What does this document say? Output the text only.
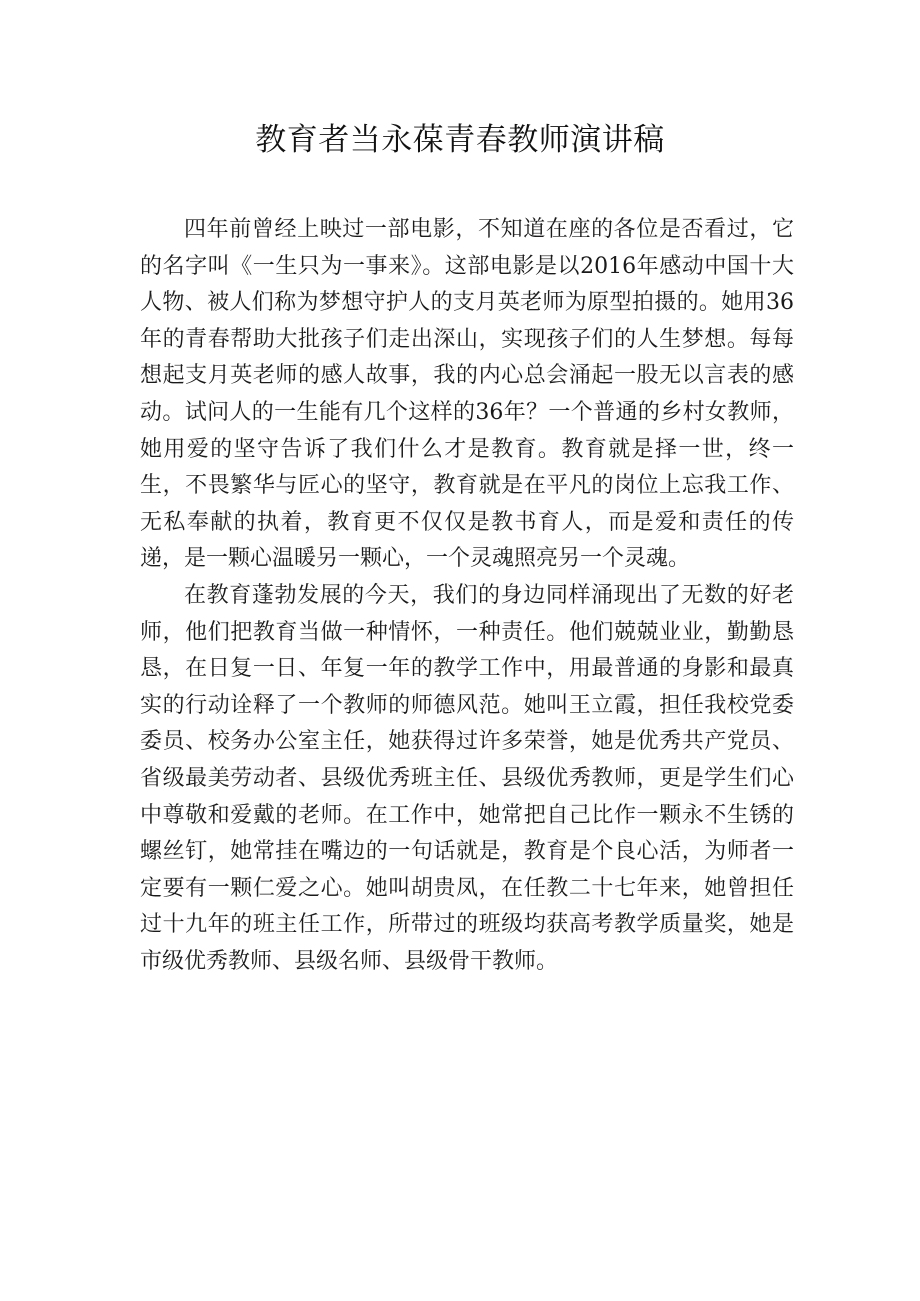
教育者当永葆青春教师演讲稿

四年前曾经上映过一部电影，不知道在座的各位是否看过，它的名字叫《一生只为一事来》。这部电影是以2016年感动中国十大人物、被人们称为梦想守护人的支月英老师为原型拍摄的。她用36年的青春帮助大批孩子们走出深山，实现孩子们的人生梦想。每每想起支月英老师的感人故事，我的内心总会涌起一股无以言表的感动。试问人的一生能有几个这样的36年？一个普通的乡村女教师，她用爱的坚守告诉了我们什么才是教育。教育就是择一世，终一生，不畏繁华与匠心的坚守，教育就是在平凡的岗位上忘我工作、无私奉献的执着，教育更不仅仅是教书育人，而是爱和责任的传递，是一颗心温暖另一颗心，一个灵魂照亮另一个灵魂。

在教育蓬勃发展的今天，我们的身边同样涌现出了无数的好老师，他们把教育当做一种情怀，一种责任。他们兢兢业业，勤勤恳恳，在日复一日、年复一年的教学工作中，用最普通的身影和最真实的行动诠释了一个教师的师德风范。她叫王立霞，担任我校党委委员、校务办公室主任，她获得过许多荣誉，她是优秀共产党员、省级最美劳动者、县级优秀班主任、县级优秀教师，更是学生们心中尊敬和爱戴的老师。在工作中，她常把自己比作一颗永不生锈的螺丝钉，她常挂在嘴边的一句话就是，教育是个良心活，为师者一定要有一颗仁爱之心。她叫胡贵凤，在任教二十七年来，她曾担任过十九年的班主任工作，所带过的班级均获高考教学质量奖，她是市级优秀教师、县级名师、县级骨干教师。
